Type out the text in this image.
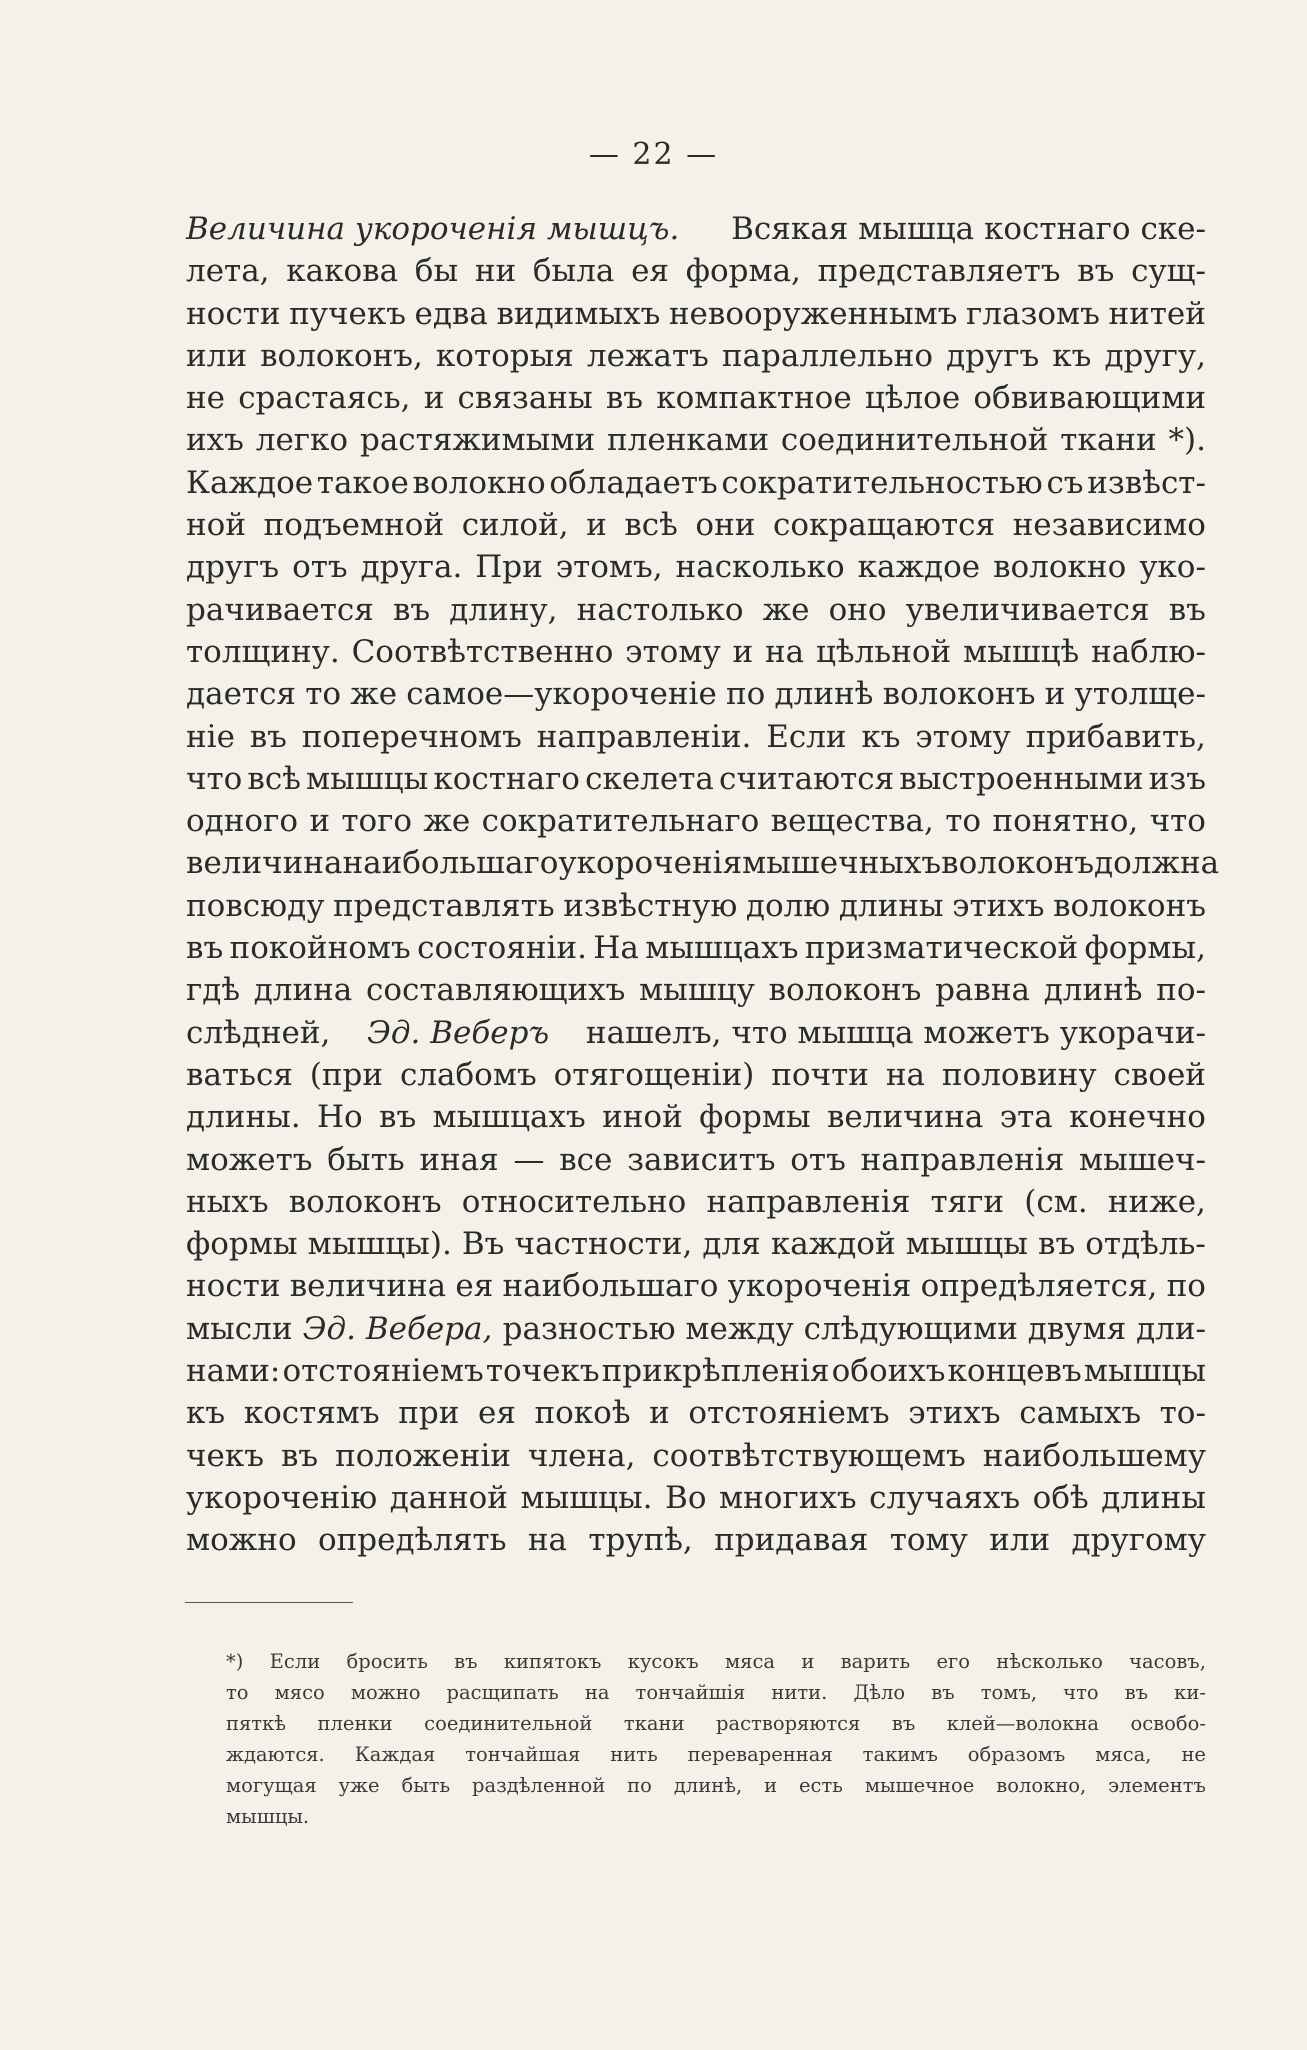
— 22 —
Величина укороченія мышцъ. Всякая мышца костнаго ске-
лета, какова бы ни была ея форма, представляетъ въ сущ-
ности пучекъ едва видимыхъ невооруженнымъ глазомъ нитей
или волоконъ, которыя лежатъ параллельно другъ къ другу,
не срастаясь, и связаны въ компактное цѣлое обвивающими
ихъ легко растяжимыми пленками соединительной ткани *).
Каждое такое волокно обладаетъ сократительностью съ извѣст-
ной подъемной силой, и всѣ они сокращаются независимо
другъ отъ друга. При этомъ, насколько каждое волокно уко-
рачивается въ длину, настолько же оно увеличивается въ
толщину. Соотвѣтственно этому и на цѣльной мышцѣ наблю-
дается то же самое—укороченіе по длинѣ волоконъ и утолще-
ніе въ поперечномъ направленіи. Если къ этому прибавить,
что всѣ мышцы костнаго скелета считаются выстроенными изъ
одного и того же сократительнаго вещества, то понятно, что
величина наибольшаго укороченія мышечныхъ волоконъ должна
повсюду представлять извѣстную долю длины этихъ волоконъ
въ покойномъ состояніи. На мышцахъ призматической формы,
гдѣ длина составляющихъ мышцу волоконъ равна длинѣ по-
слѣдней, Эд. Веберъ нашелъ, что мышца можетъ укорачи-
ваться (при слабомъ отягощеніи) почти на половину своей
длины. Но въ мышцахъ иной формы величина эта конечно
можетъ быть иная — все зависитъ отъ направленія мышеч-
ныхъ волоконъ относительно направленія тяги (см. ниже,
формы мышцы). Въ частности, для каждой мышцы въ отдѣль-
ности величина ея наибольшаго укороченія опредѣляется, по
мысли Эд. Вебера, разностью между слѣдующими двумя дли-
нами: отстояніемъ точекъ прикрѣпленія обоихъ концевъ мышцы
къ костямъ при ея покоѣ и отстояніемъ этихъ самыхъ то-
чекъ въ положеніи члена, соотвѣтствующемъ наибольшему
укороченію данной мышцы. Во многихъ случаяхъ обѣ длины
можно опредѣлять на трупѣ, придавая тому или другому
*) Если бросить въ кипятокъ кусокъ мяса и варить его нѣсколько часовъ,
то мясо можно расщипать на тончайшія нити. Дѣло въ томъ, что въ ки-
пяткѣ пленки соединительной ткани растворяются въ клей—волокна освобо-
ждаются. Каждая тончайшая нить переваренная такимъ образомъ мяса, не
могущая уже быть раздѣленной по длинѣ, и есть мышечное волокно, элементъ
мышцы.
